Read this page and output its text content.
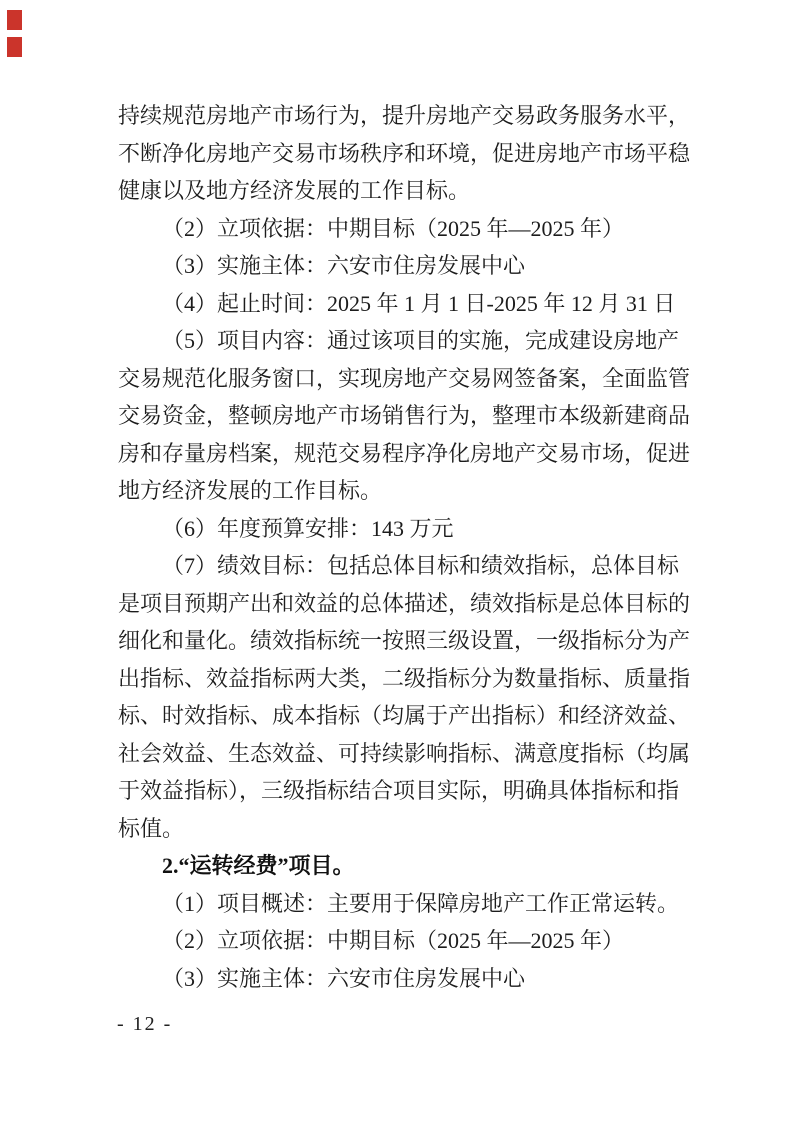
持续规范房地产市场行为，提升房地产交易政务服务水平，
不断净化房地产交易市场秩序和环境，促进房地产市场平稳
健康以及地方经济发展的工作目标。
（2）立项依据：中期目标（2025 年—2025 年）
（3）实施主体：六安市住房发展中心
（4）起止时间：2025 年 1 月 1 日-2025 年 12 月 31 日
（5）项目内容：通过该项目的实施，完成建设房地产
交易规范化服务窗口，实现房地产交易网签备案，全面监管
交易资金，整顿房地产市场销售行为，整理市本级新建商品
房和存量房档案，规范交易程序净化房地产交易市场，促进
地方经济发展的工作目标。
（6）年度预算安排：143 万元
（7）绩效目标：包括总体目标和绩效指标，总体目标
是项目预期产出和效益的总体描述，绩效指标是总体目标的
细化和量化。绩效指标统一按照三级设置，一级指标分为产
出指标、效益指标两大类，二级指标分为数量指标、质量指
标、时效指标、成本指标（均属于产出指标）和经济效益、
社会效益、生态效益、可持续影响指标、满意度指标（均属
于效益指标），三级指标结合项目实际，明确具体指标和指
标值。
2.“运转经费”项目。
（1）项目概述：主要用于保障房地产工作正常运转。
（2）立项依据：中期目标（2025 年—2025 年）
（3）实施主体：六安市住房发展中心
- 12 -
